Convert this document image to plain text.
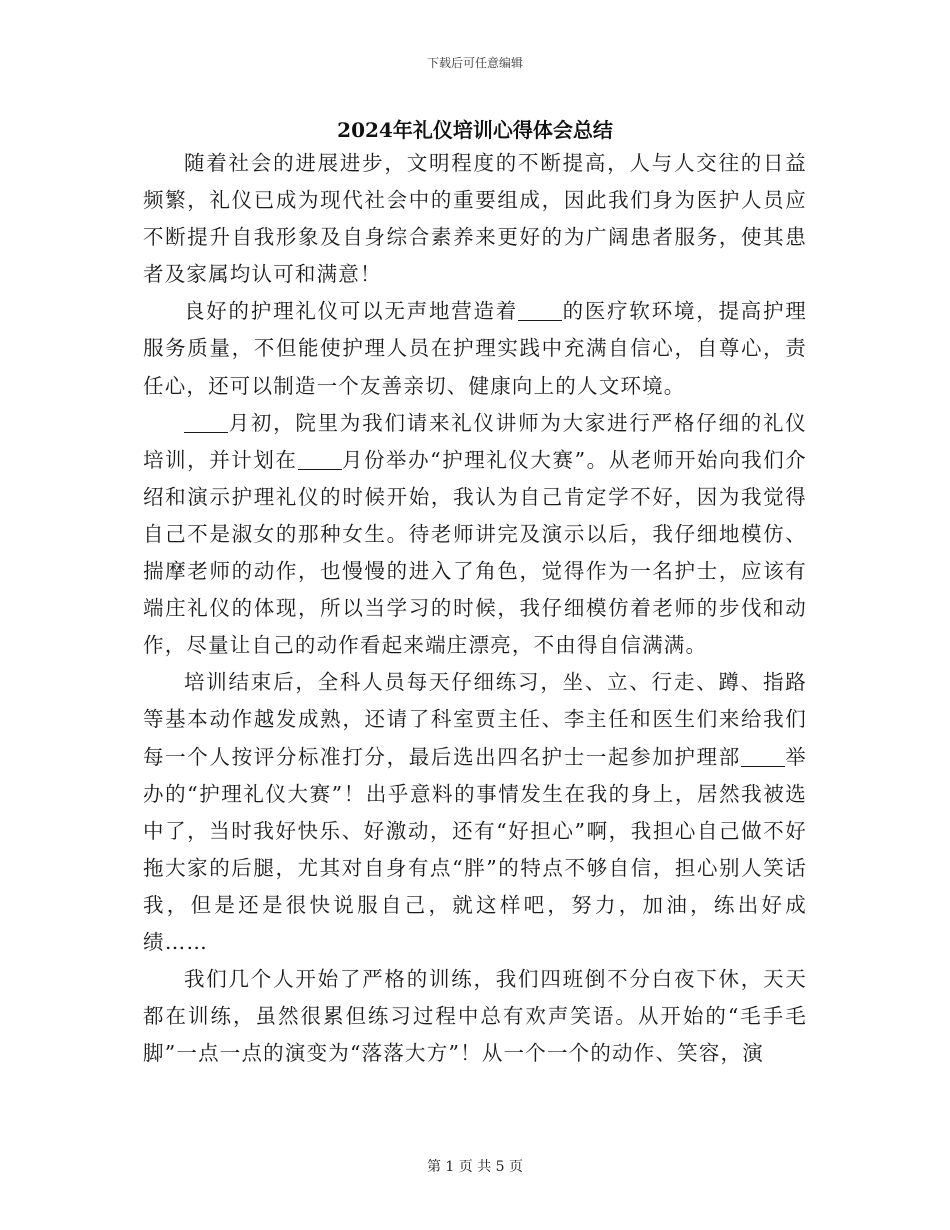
下载后可任意编辑
2024年礼仪培训心得体会总结

随着社会的进展进步，文明程度的不断提高，人与人交往的日益频繁，礼仪已成为现代社会中的重要组成，因此我们身为医护人员应不断提升自我形象及自身综合素养来更好的为广阔患者服务，使其患者及家属均认可和满意！

良好的护理礼仪可以无声地营造着 的医疗软环境，提高护理服务质量，不但能使护理人员在护理实践中充满自信心，自尊心，责任心，还可以制造一个友善亲切、健康向上的人文环境。

月初，院里为我们请来礼仪讲师为大家进行严格仔细的礼仪培训，并计划在 月份举办“护理礼仪大赛”。从老师开始向我们介绍和演示护理礼仪的时候开始，我认为自己肯定学不好，因为我觉得自己不是淑女的那种女生。待老师讲完及演示以后，我仔细地模仿、揣摩老师的动作，也慢慢的进入了角色，觉得作为一名护士，应该有端庄礼仪的体现，所以当学习的时候，我仔细模仿着老师的步伐和动作，尽量让自己的动作看起来端庄漂亮，不由得自信满满。

培训结束后，全科人员每天仔细练习，坐、立、行走、蹲、指路等基本动作越发成熟，还请了科室贾主任、李主任和医生们来给我们每一个人按评分标准打分，最后选出四名护士一起参加护理部 举办的“护理礼仪大赛”！出乎意料的事情发生在我的身上，居然我被选中了，当时我好快乐、好激动，还有“好担心”啊，我担心自己做不好拖大家的后腿，尤其对自身有点“胖”的特点不够自信，担心别人笑话我，但是还是很快说服自己，就这样吧，努力，加油，练出好成绩……

我们几个人开始了严格的训练，我们四班倒不分白夜下休，天天都在训练，虽然很累但练习过程中总有欢声笑语。从开始的“毛手毛脚”一点一点的演变为“落落大方”！从一个一个的动作、笑容，演

第 1 页 共 5 页
